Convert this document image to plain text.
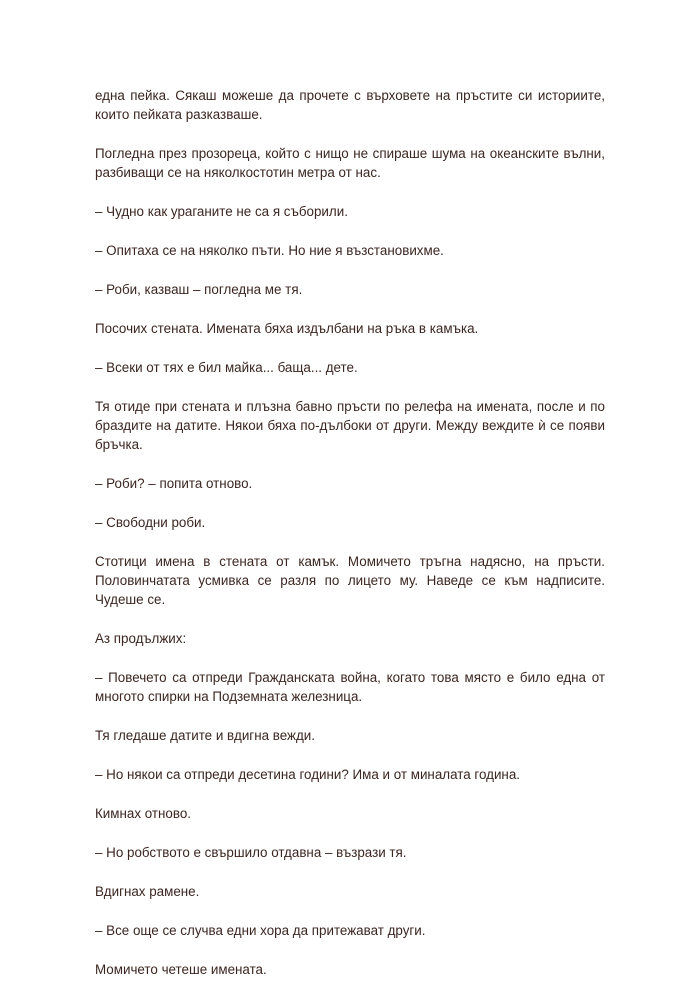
една пейка. Сякаш можеше да прочете с върховете на пръстите си историите, които пейката разказваше.

Погледна през прозореца, който с нищо не спираше шума на океанските вълни, разбиващи се на няколкостотин метра от нас.

– Чудно как ураганите не са я съборили.

– Опитаха се на няколко пъти. Но ние я възстановихме.

– Роби, казваш – погледна ме тя.

Посочих стената. Имената бяха издълбани на ръка в камъка.

– Всеки от тях е бил майка... баща... дете.

Тя отиде при стената и плъзна бавно пръсти по релефа на имената, после и по браздите на датите. Някои бяха по-дълбоки от други. Между веждите ѝ се появи бръчка.

– Роби? – попита отново.

– Свободни роби.

Стотици имена в стената от камък. Момичето тръгна надясно, на пръсти. Половинчатата усмивка се разля по лицето му. Наведе се към надписите. Чудеше се.

Аз продължих:

– Повечето са отпреди Гражданската война, когато това място е било една от многото спирки на Подземната железница.

Тя гледаше датите и вдигна вежди.

– Но някои са отпреди десетина години? Има и от миналата година.

Кимнах отново.

– Но робството е свършило отдавна – възрази тя.

Вдигнах рамене.

– Все още се случва едни хора да притежават други.

Момичето четеше имената.
